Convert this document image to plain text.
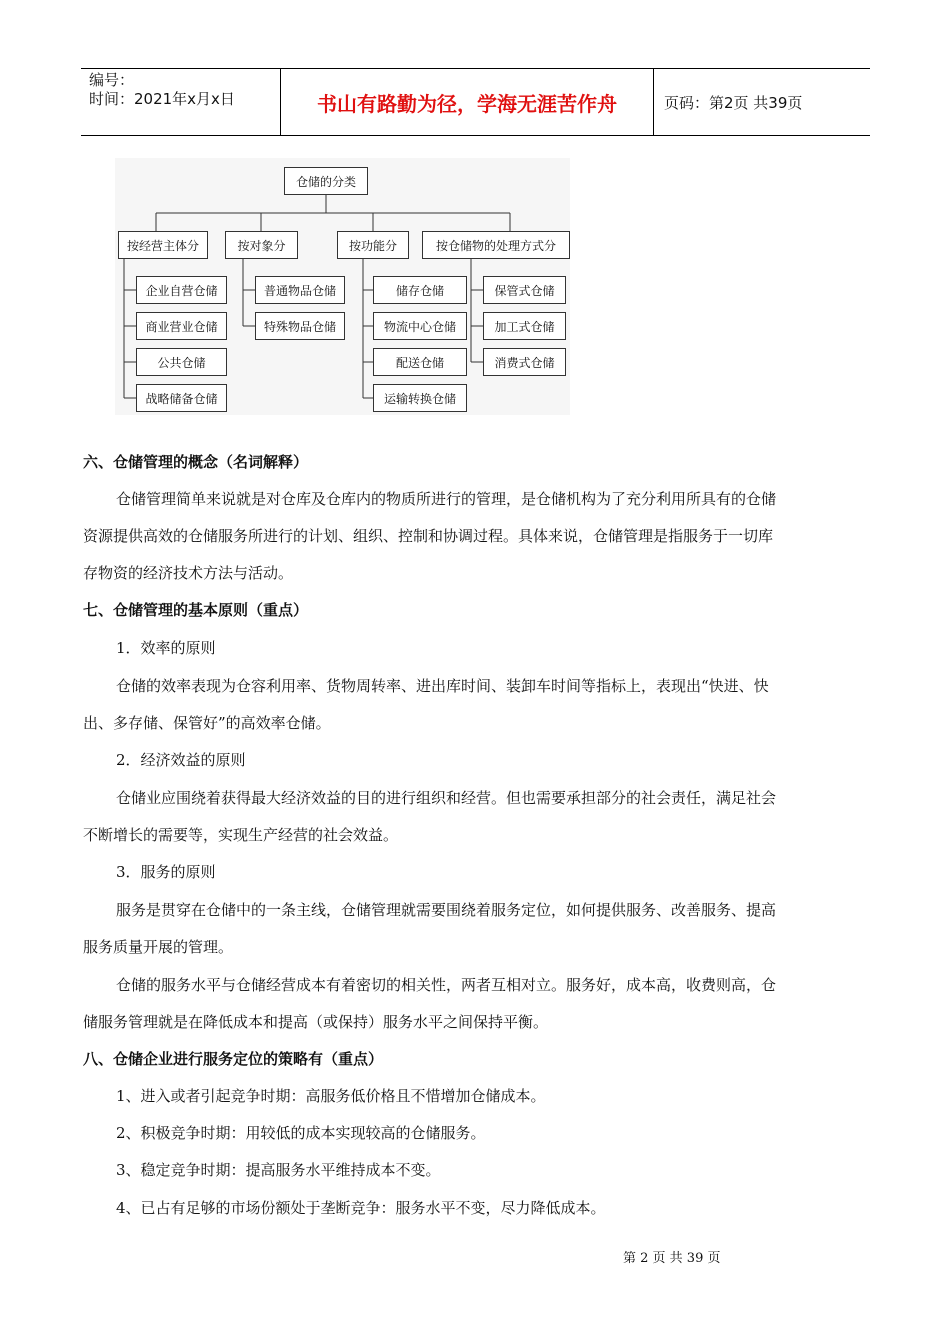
编号：
时间：2021年x月x日	书山有路勤为径，学海无涯苦作舟	页码：第2页 共39页
仓储的分类
按经营主体分	按对象分	按功能分	按仓储物的处理方式分
企业自营仓储
商业营业仓储
公共仓储
战略储备仓储
普通物品仓储
特殊物品仓储
储存仓储
物流中心仓储
配送仓储
运输转换仓储
保管式仓储
加工式仓储
消费式仓储
六、仓储管理的概念（名词解释）
仓储管理简单来说就是对仓库及仓库内的物质所进行的管理，是仓储机构为了充分利用所具有的仓储
资源提供高效的仓储服务所进行的计划、组织、控制和协调过程。具体来说，仓储管理是指服务于一切库
存物资的经济技术方法与活动。
七、仓储管理的基本原则（重点）
1．效率的原则
仓储的效率表现为仓容利用率、货物周转率、进出库时间、装卸车时间等指标上，表现出“快进、快
出、多存储、保管好”的高效率仓储。
2．经济效益的原则
仓储业应围绕着获得最大经济效益的目的进行组织和经营。但也需要承担部分的社会责任，满足社会
不断增长的需要等，实现生产经营的社会效益。
3．服务的原则
服务是贯穿在仓储中的一条主线，仓储管理就需要围绕着服务定位，如何提供服务、改善服务、提高
服务质量开展的管理。
仓储的服务水平与仓储经营成本有着密切的相关性，两者互相对立。服务好，成本高，收费则高，仓
储服务管理就是在降低成本和提高（或保持）服务水平之间保持平衡。
八、仓储企业进行服务定位的策略有（重点）
1、进入或者引起竞争时期：高服务低价格且不惜增加仓储成本。
2、积极竞争时期：用较低的成本实现较高的仓储服务。
3、稳定竞争时期：提高服务水平维持成本不变。
4、已占有足够的市场份额处于垄断竞争：服务水平不变，尽力降低成本。
第 2 页 共 39 页
